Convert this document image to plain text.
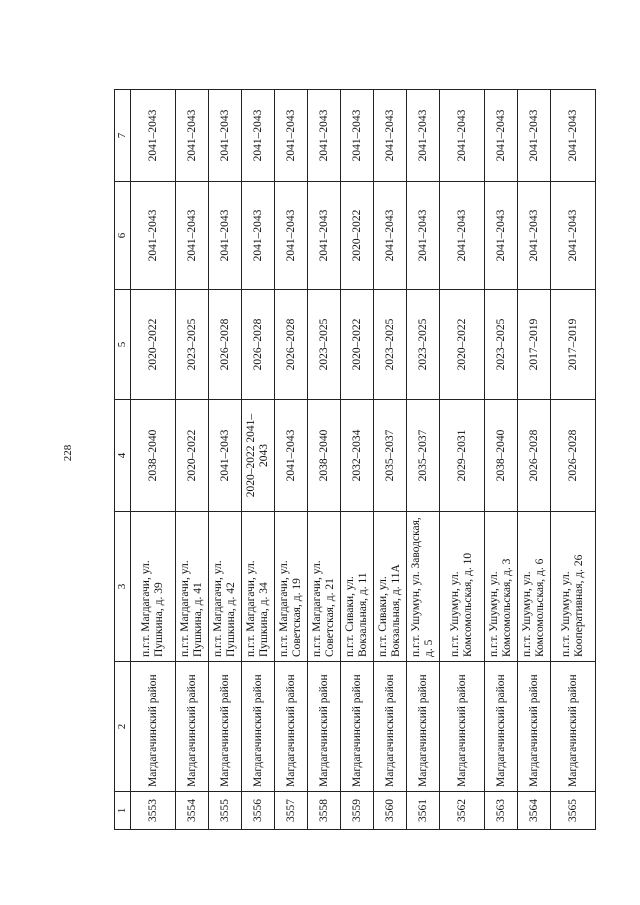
228
1	2	3	4	5	6	7
3553	Магдагачинский район	п.г.т. Магдагачи, ул. Пушкина, д. 39	2038–2040	2020–2022	2041–2043	2041–2043
3554	Магдагачинский район	п.г.т. Магдагачи, ул. Пушкина, д. 41	2020–2022	2023–2025	2041–2043	2041–2043
3555	Магдагачинский район	п.г.т. Магдагачи, ул. Пушкина, д. 42	2041–2043	2026–2028	2041–2043	2041–2043
3556	Магдагачинский район	п.г.т. Магдагачи, ул. Пушкина, д. 34	2020–2022 2041–2043	2026–2028	2041–2043	2041–2043
3557	Магдагачинский район	п.г.т. Магдагачи, ул. Советская, д. 19	2041–2043	2026–2028	2041–2043	2041–2043
3558	Магдагачинский район	п.г.т. Магдагачи, ул. Советская, д. 21	2038–2040	2023–2025	2041–2043	2041–2043
3559	Магдагачинский район	п.г.т. Сиваки, ул. Вокзальная, д. 11	2032–2034	2020–2022	2020–2022	2041–2043
3560	Магдагачинский район	п.г.т. Сиваки, ул. Вокзальная, д. 11А	2035–2037	2023–2025	2041–2043	2041–2043
3561	Магдагачинский район	п.г.т. Ушумун, ул. Заводская, д. 5	2035–2037	2023–2025	2041–2043	2041–2043
3562	Магдагачинский район	п.г.т. Ушумун, ул. Комсомольская, д. 10	2029–2031	2020–2022	2041–2043	2041–2043
3563	Магдагачинский район	п.г.т. Ушумун, ул. Комсомольская, д. 3	2038–2040	2023–2025	2041–2043	2041–2043
3564	Магдагачинский район	п.г.т. Ушумун, ул. Комсомольская, д. 6	2026–2028	2017–2019	2041–2043	2041–2043
3565	Магдагачинский район	п.г.т. Ушумун, ул. Кооперативная, д. 26	2026–2028	2017–2019	2041–2043	2041–2043
